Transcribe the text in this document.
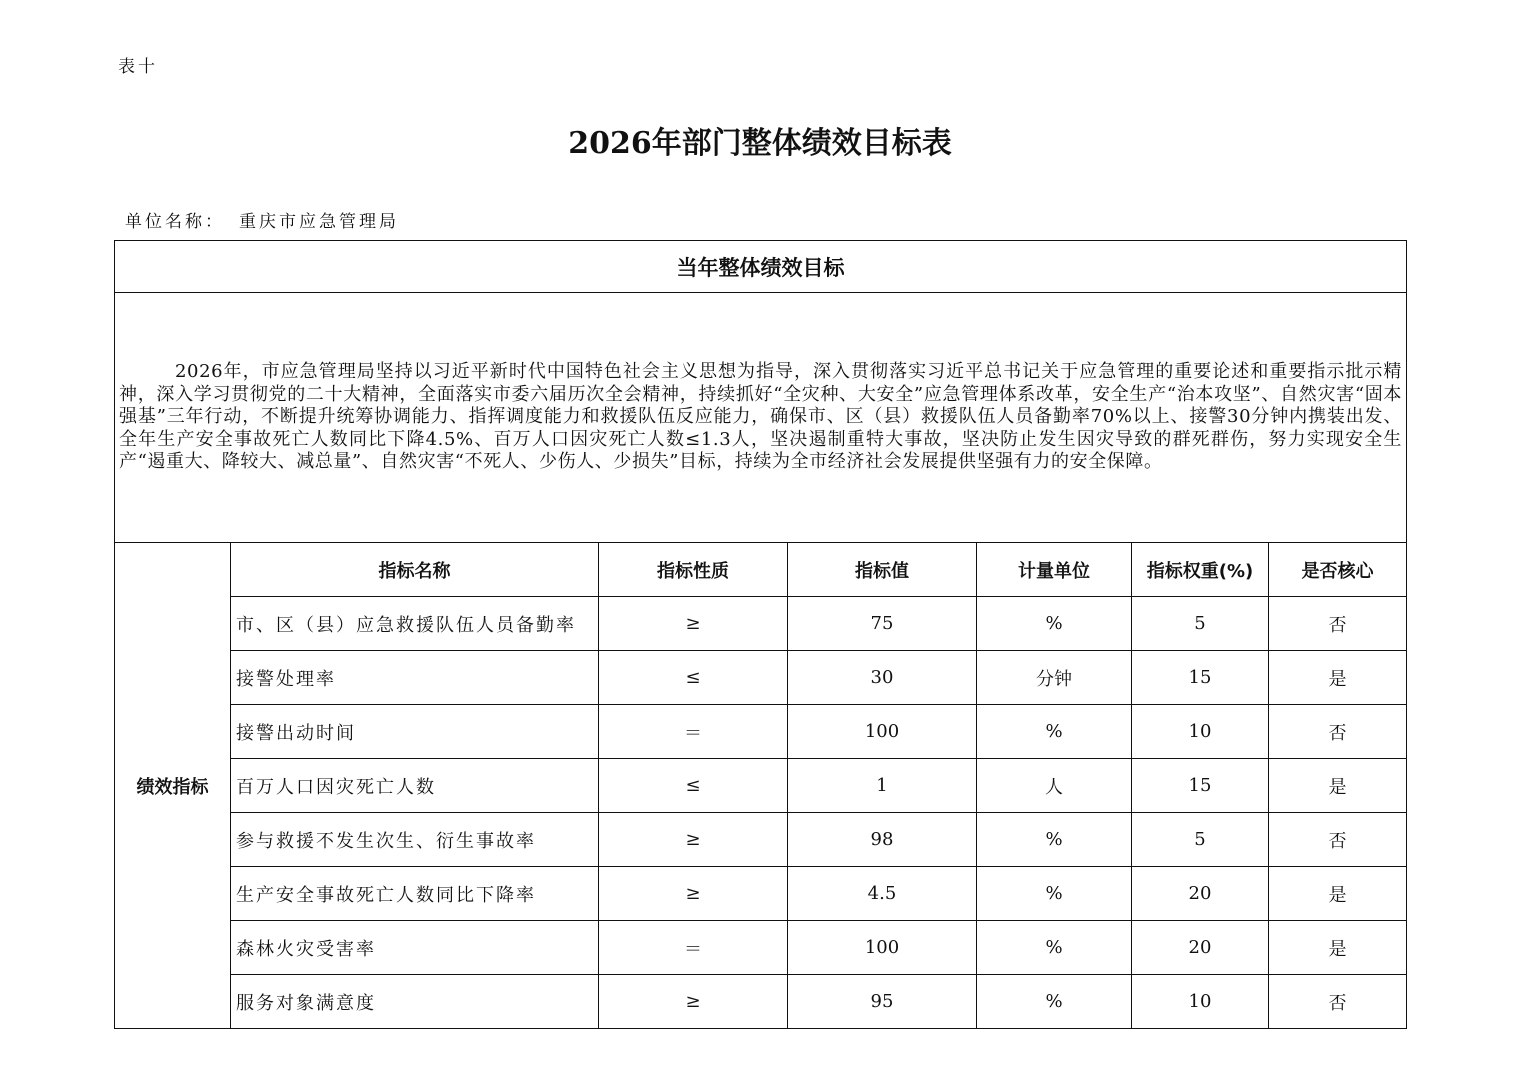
表十
2026年部门整体绩效目标表
单位名称： 重庆市应急管理局
当年整体绩效目标						

2026年，市应急管理局坚持以习近平新时代中国特色社会主义思想为指导，深入贯彻落实习近平总书记关于应急管理的重要论述和重要指示批示精神，深入学习贯彻党的二十大精神，全面落实市委六届历次全会精神，持续抓好“全灾种、大安全”应急管理体系改革，安全生产“治本攻坚”、自然灾害“固本强基”三年行动，不断提升统筹协调能力、指挥调度能力和救援队伍反应能力，确保市、区（县）救援队伍人员备勤率70%以上、接警30分钟内携装出发、全年生产安全事故死亡人数同比下降4.5%、百万人口因灾死亡人数≤1.3人，坚决遏制重特大事故，坚决防止发生因灾导致的群死群伤，努力实现安全生产“遏重大、降较大、减总量”、自然灾害“不死人、少伤人、少损失”目标，持续为全市经济社会发展提供坚强有力的安全保障。						

绩效指标	指标名称	指标性质	指标值	计量单位	指标权重(%)	是否核心
	市、区（县）应急救援队伍人员备勤率	≥	75	%	5	否
	接警处理率	≤	30	分钟	15	是
	接警出动时间	＝	100	%	10	否
	百万人口因灾死亡人数	≤	1	人	15	是
	参与救援不发生次生、衍生事故率	≥	98	%	5	否
	生产安全事故死亡人数同比下降率	≥	4.5	%	20	是
	森林火灾受害率	＝	100	%	20	是
	服务对象满意度	≥	95	%	10	否
